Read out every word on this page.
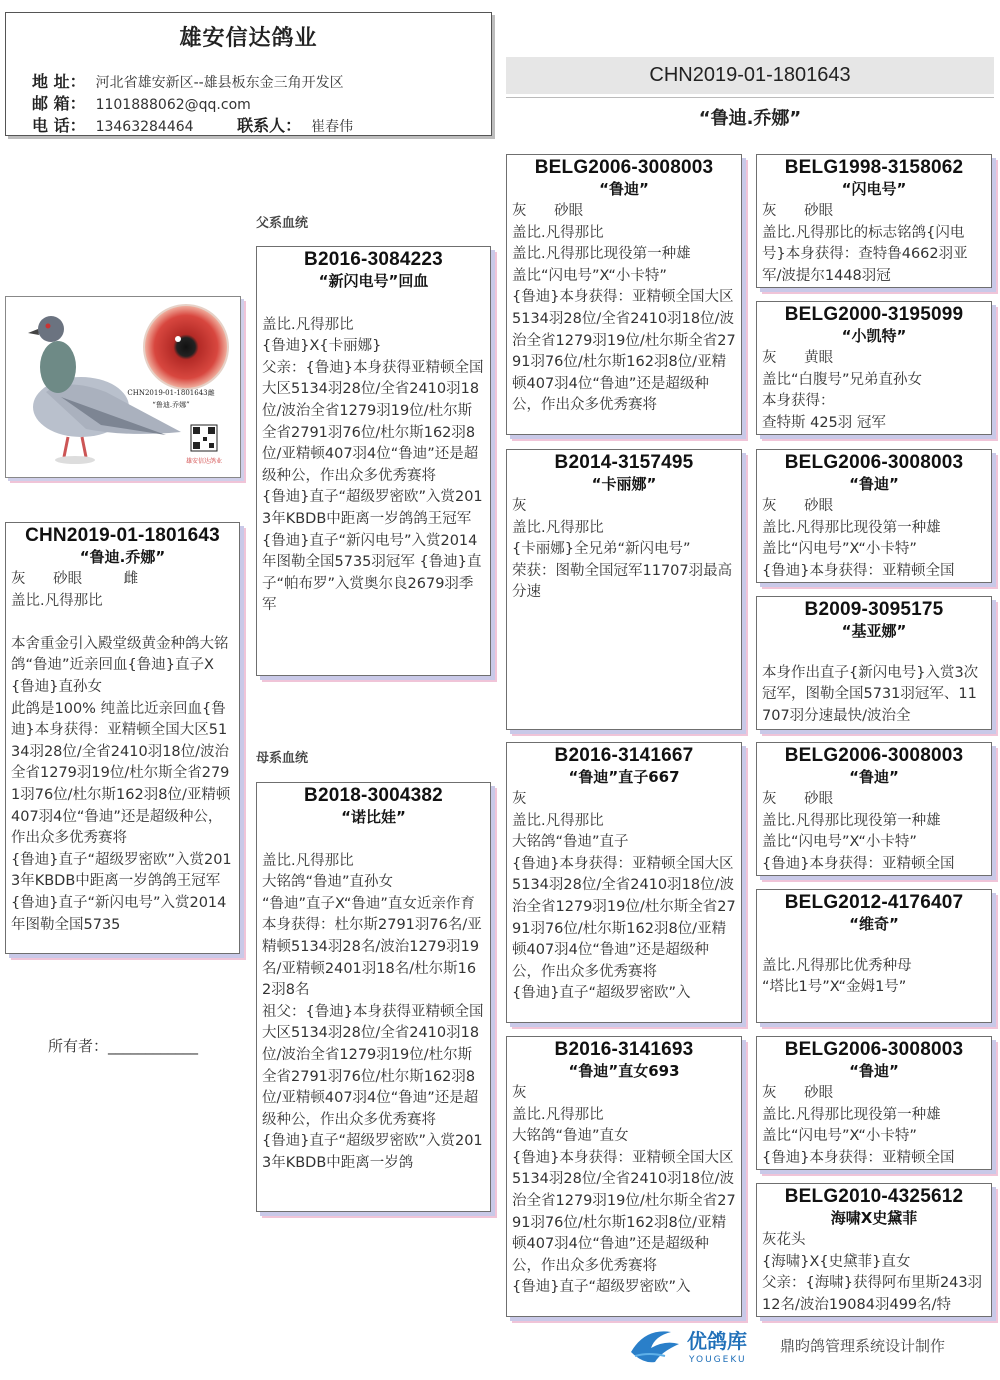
雄安信达鸽业
地 址： 河北省雄安新区--雄县板东金三角开发区
邮 箱： 1101888062@qq.com
电 话： 13463284464	联系人： 崔春伟
CHN2019-01-1801643
“鲁迪.乔娜”
父系血统
母系血统
CHN2019-01-1801643雌
“鲁迪.乔娜”
雄安信达鸽业
CHN2019-01-1801643
“鲁迪.乔娜”
灰      砂眼         雌
盖比.凡得那比

本舍重金引入殿堂级黄金种鸽大铭鸽“鲁迪”近亲回血{鲁迪}直子X{鲁迪}直孙女
此鸽是100% 纯盖比近亲回血{鲁迪}本身获得：亚精顿全国大区5134羽28位/全省2410羽18位/波治全省1279羽19位/杜尔斯全省2791羽76位/杜尔斯162羽8位/亚精顿407羽4位“鲁迪”还是超级种公，作出众多优秀赛将
{鲁迪}直子“超级罗密欧”入赏2013年KBDB中距离一岁鸽鸽王冠军 {鲁迪}直子“新闪电号”入赏2014年图勒全国5735
所有者：____________
B2016-3084223
“新闪电号”回血

盖比.凡得那比
{鲁迪}X{卡丽娜}
父亲：{鲁迪}本身获得亚精顿全国大区5134羽28位/全省2410羽18位/波治全省1279羽19位/杜尔斯全省2791羽76位/杜尔斯162羽8位/亚精顿407羽4位“鲁迪”还是超级种公，作出众多优秀赛将
{鲁迪}直子“超级罗密欧”入赏2013年KBDB中距离一岁鸽鸽王冠军 {鲁迪}直子“新闪电号”入赏2014年图勒全国5735羽冠军 {鲁迪}直子“帕布罗”入赏奥尔良2679羽季军
B2018-3004382
“诺比娃”

盖比.凡得那比
大铭鸽“鲁迪”直孙女
“鲁迪”直子X“鲁迪”直女近亲作育
本身获得：杜尔斯2791羽76名/亚精顿5134羽28名/波治1279羽19名/亚精顿2401羽18名/杜尔斯162羽8名
祖父：{鲁迪}本身获得亚精顿全国大区5134羽28位/全省2410羽18位/波治全省1279羽19位/杜尔斯全省2791羽76位/杜尔斯162羽8位/亚精顿407羽4位“鲁迪”还是超级种公，作出众多优秀赛将
{鲁迪}直子“超级罗密欧”入赏2013年KBDB中距离一岁鸽
BELG2006-3008003
“鲁迪”
灰      砂眼
盖比.凡得那比
盖比.凡得那比现役第一种雄
盖比“闪电号”X“小卡特”
{鲁迪}本身获得：亚精顿全国大区5134羽28位/全省2410羽18位/波治全省1279羽19位/杜尔斯全省2791羽76位/杜尔斯162羽8位/亚精顿407羽4位“鲁迪”还是超级种公，作出众多优秀赛将
B2014-3157495
“卡丽娜”
灰
盖比.凡得那比
{卡丽娜}全兄弟“新闪电号”
荣获：图勒全国冠军11707羽最高分速
B2016-3141667
“鲁迪”直子667
灰
盖比.凡得那比
大铭鸽“鲁迪”直子
{鲁迪}本身获得：亚精顿全国大区5134羽28位/全省2410羽18位/波治全省1279羽19位/杜尔斯全省2791羽76位/杜尔斯162羽8位/亚精顿407羽4位“鲁迪”还是超级种公，作出众多优秀赛将
{鲁迪}直子“超级罗密欧”入
B2016-3141693
“鲁迪”直女693
灰
盖比.凡得那比
大铭鸽“鲁迪”直女
{鲁迪}本身获得：亚精顿全国大区5134羽28位/全省2410羽18位/波治全省1279羽19位/杜尔斯全省2791羽76位/杜尔斯162羽8位/亚精顿407羽4位“鲁迪”还是超级种公，作出众多优秀赛将
{鲁迪}直子“超级罗密欧”入
BELG1998-3158062
“闪电号”
灰      砂眼
盖比.凡得那比的标志铭鸽{闪电号}本身获得：查特鲁4662羽亚军/波提尔1448羽冠
BELG2000-3195099
“小凯特”
灰      黄眼
盖比“白腹号”兄弟直孙女
本身获得：
查特斯 425羽 冠军
BELG2006-3008003
“鲁迪”
灰      砂眼
盖比.凡得那比现役第一种雄
盖比“闪电号”X“小卡特”
{鲁迪}本身获得：亚精顿全国
B2009-3095175
“基亚娜”

本身作出直子{新闪电号}入赏3次冠军，图勒全国5731羽冠军、11707羽分速最快/波治全
BELG2006-3008003
“鲁迪”
灰      砂眼
盖比.凡得那比现役第一种雄
盖比“闪电号”X“小卡特”
{鲁迪}本身获得：亚精顿全国
BELG2012-4176407
“维奇”

盖比.凡得那比优秀种母
“塔比1号”X“金姆1号”
BELG2006-3008003
“鲁迪”
灰      砂眼
盖比.凡得那比现役第一种雄
盖比“闪电号”X“小卡特”
{鲁迪}本身获得：亚精顿全国
BELG2010-4325612
海啸X史黛菲
灰花头
{海啸}X{史黛菲}直女
父亲：{海啸}获得阿布里斯243羽12名/波治19084羽499名/特
优鸽库
YOUGEKU
鼎昀鸽管理系统设计制作
